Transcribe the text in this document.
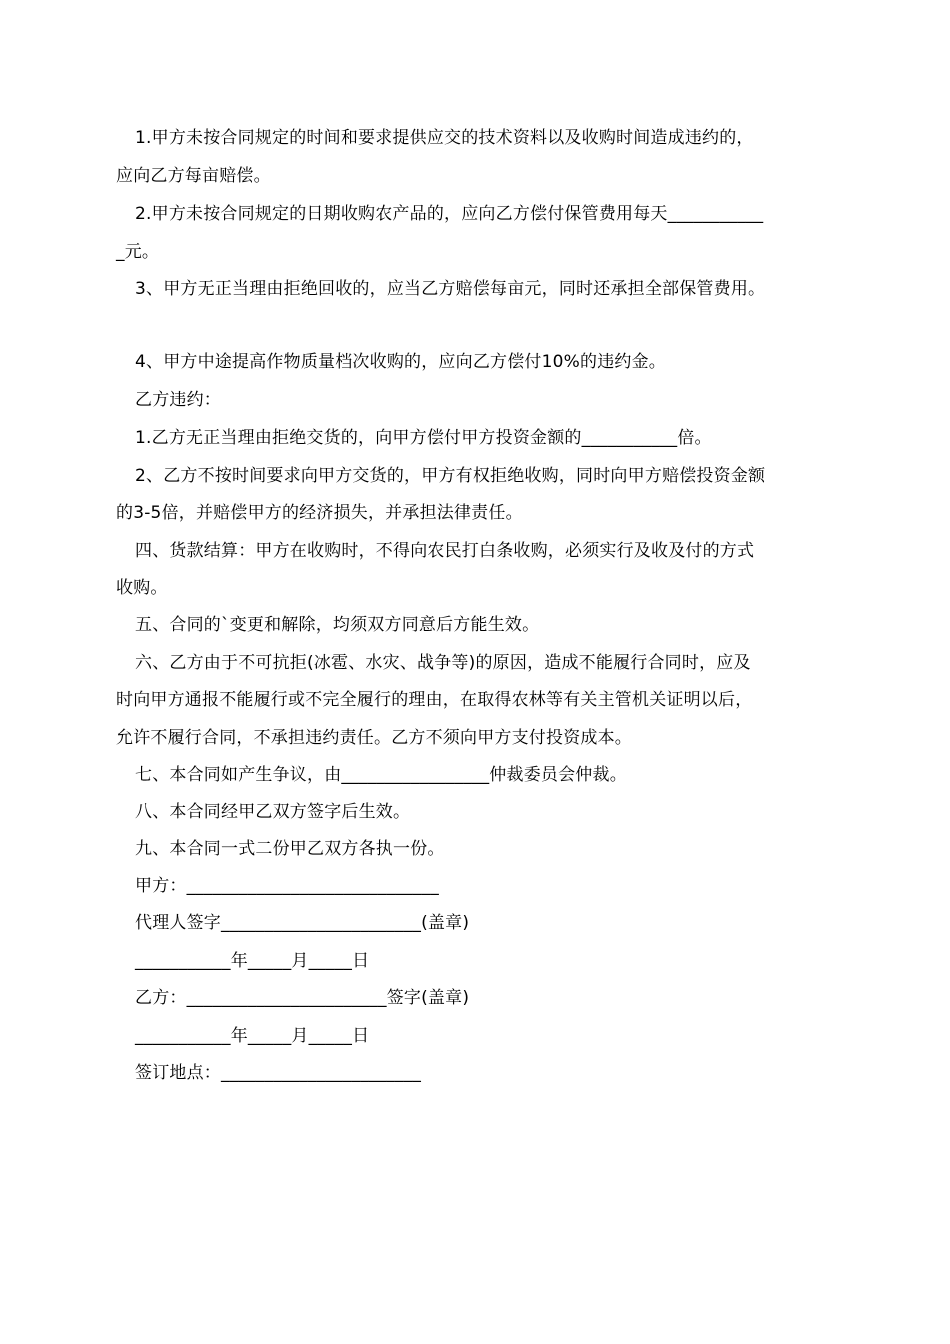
1.甲方未按合同规定的时间和要求提供应交的技术资料以及收购时间造成违约的，
应向乙方每亩赔偿。
2.甲方未按合同规定的日期收购农产品的，应向乙方偿付保管费用每天___________
_元。
3、甲方无正当理由拒绝回收的，应当乙方赔偿每亩元，同时还承担全部保管费用。
4、甲方中途提高作物质量档次收购的，应向乙方偿付10%的违约金。
乙方违约：
1.乙方无正当理由拒绝交货的，向甲方偿付甲方投资金额的___________倍。
2、乙方不按时间要求向甲方交货的，甲方有权拒绝收购，同时向甲方赔偿投资金额
的3-5倍，并赔偿甲方的经济损失，并承担法律责任。
四、货款结算：甲方在收购时，不得向农民打白条收购，必须实行及收及付的方式
收购。
五、合同的`变更和解除，均须双方同意后方能生效。
六、乙方由于不可抗拒(冰雹、水灾、战争等)的原因，造成不能履行合同时，应及
时向甲方通报不能履行或不完全履行的理由，在取得农林等有关主管机关证明以后，
允许不履行合同，不承担违约责任。乙方不须向甲方支付投资成本。
七、本合同如产生争议，由_________________仲裁委员会仲裁。
八、本合同经甲乙双方签字后生效。
九、本合同一式二份甲乙双方各执一份。
甲方：_____________________________
代理人签字_______________________(盖章)
___________年_____月_____日
乙方：_______________________签字(盖章)
___________年_____月_____日
签订地点：_______________________
